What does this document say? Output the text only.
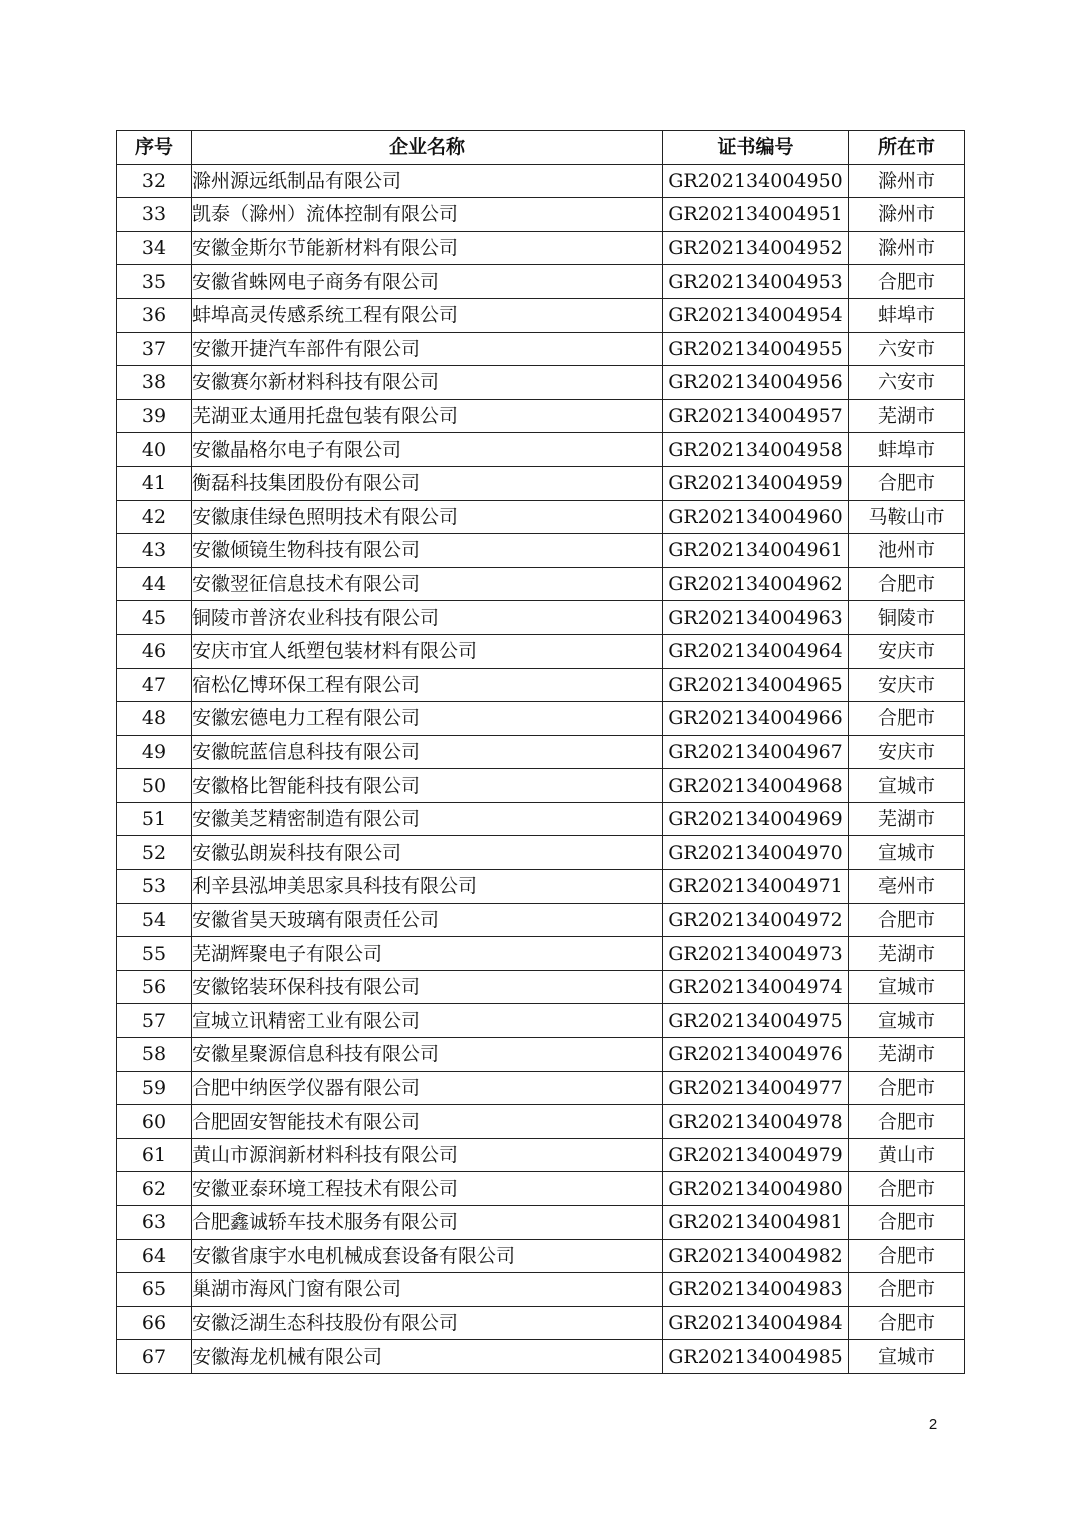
序号	企业名称	证书编号	所在市
32	滁州源远纸制品有限公司	GR202134004950	滁州市
33	凯泰（滁州）流体控制有限公司	GR202134004951	滁州市
34	安徽金斯尔节能新材料有限公司	GR202134004952	滁州市
35	安徽省蛛网电子商务有限公司	GR202134004953	合肥市
36	蚌埠高灵传感系统工程有限公司	GR202134004954	蚌埠市
37	安徽开捷汽车部件有限公司	GR202134004955	六安市
38	安徽赛尔新材料科技有限公司	GR202134004956	六安市
39	芜湖亚太通用托盘包装有限公司	GR202134004957	芜湖市
40	安徽晶格尔电子有限公司	GR202134004958	蚌埠市
41	衡磊科技集团股份有限公司	GR202134004959	合肥市
42	安徽康佳绿色照明技术有限公司	GR202134004960	马鞍山市
43	安徽倾镜生物科技有限公司	GR202134004961	池州市
44	安徽翌征信息技术有限公司	GR202134004962	合肥市
45	铜陵市普济农业科技有限公司	GR202134004963	铜陵市
46	安庆市宜人纸塑包装材料有限公司	GR202134004964	安庆市
47	宿松亿博环保工程有限公司	GR202134004965	安庆市
48	安徽宏德电力工程有限公司	GR202134004966	合肥市
49	安徽皖蓝信息科技有限公司	GR202134004967	安庆市
50	安徽格比智能科技有限公司	GR202134004968	宣城市
51	安徽美芝精密制造有限公司	GR202134004969	芜湖市
52	安徽弘朗炭科技有限公司	GR202134004970	宣城市
53	利辛县泓坤美思家具科技有限公司	GR202134004971	亳州市
54	安徽省昊天玻璃有限责任公司	GR202134004972	合肥市
55	芜湖辉聚电子有限公司	GR202134004973	芜湖市
56	安徽铭装环保科技有限公司	GR202134004974	宣城市
57	宣城立讯精密工业有限公司	GR202134004975	宣城市
58	安徽星聚源信息科技有限公司	GR202134004976	芜湖市
59	合肥中纳医学仪器有限公司	GR202134004977	合肥市
60	合肥固安智能技术有限公司	GR202134004978	合肥市
61	黄山市源润新材料科技有限公司	GR202134004979	黄山市
62	安徽亚泰环境工程技术有限公司	GR202134004980	合肥市
63	合肥鑫诚轿车技术服务有限公司	GR202134004981	合肥市
64	安徽省康宇水电机械成套设备有限公司	GR202134004982	合肥市
65	巢湖市海风门窗有限公司	GR202134004983	合肥市
66	安徽泛湖生态科技股份有限公司	GR202134004984	合肥市
67	安徽海龙机械有限公司	GR202134004985	宣城市
2
